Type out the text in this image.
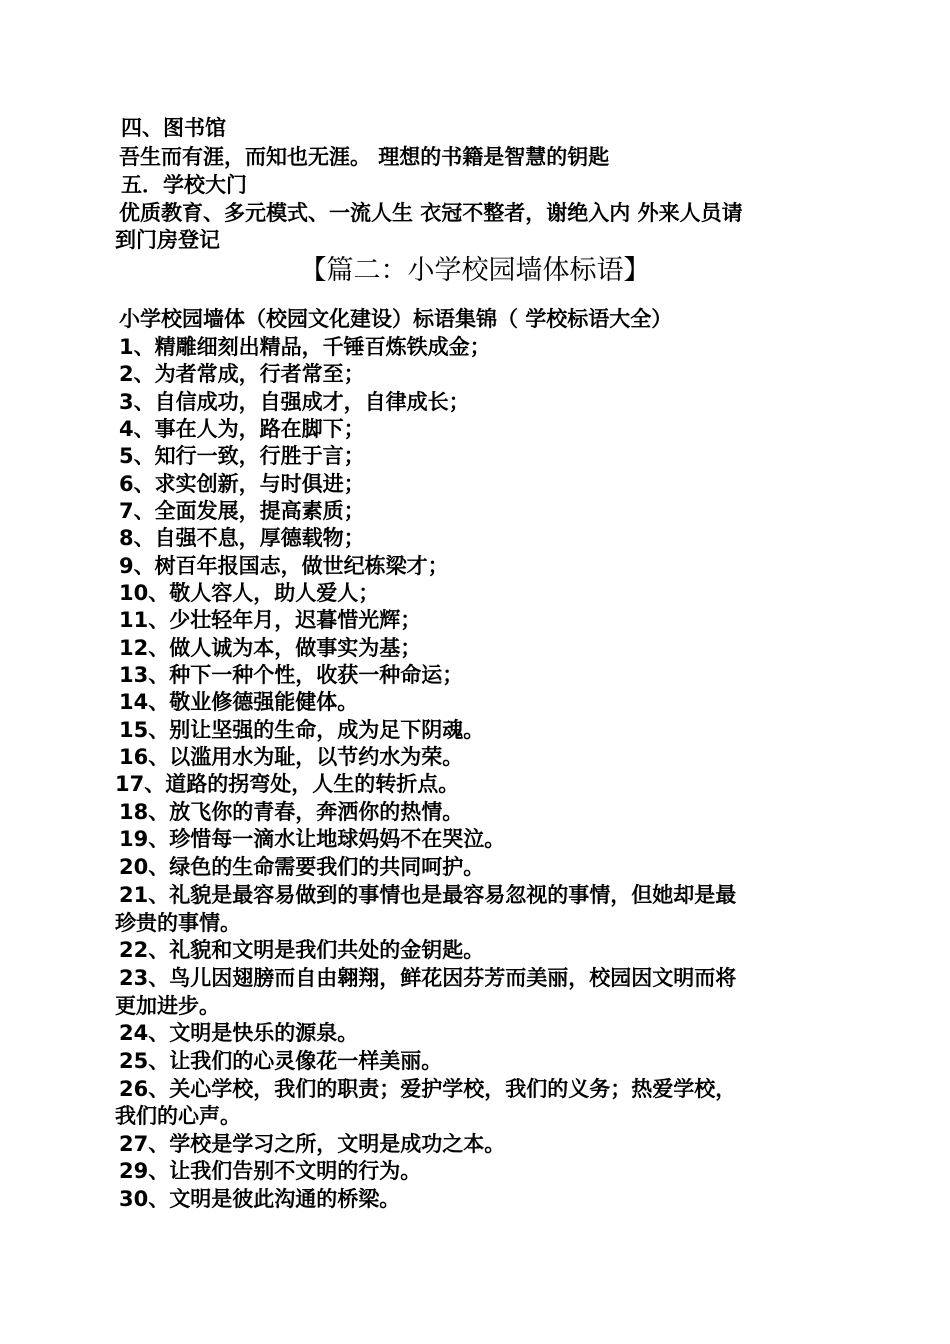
四、图书馆
吾生而有涯，而知也无涯。 理想的书籍是智慧的钥匙
五．学校大门
优质教育、多元模式、一流人生 衣冠不整者，谢绝入内 外来人员请
到门房登记
【篇二：小学校园墙体标语】
小学校园墙体（校园文化建设）标语集锦（ 学校标语大全）
1、精雕细刻出精品，千锤百炼铁成金；
2、为者常成，行者常至；
3、自信成功，自强成才，自律成长；
4、事在人为，路在脚下；
5、知行一致，行胜于言；
6、求实创新，与时俱进；
7、全面发展，提高素质；
8、自强不息，厚德载物；
9、树百年报国志，做世纪栋梁才；
10、敬人容人，助人爱人；
11、少壮轻年月，迟暮惜光辉；
12、做人诚为本，做事实为基；
13、种下一种个性，收获一种命运；
14、敬业修德强能健体。
15、别让坚强的生命，成为足下阴魂。
16、以滥用水为耻，以节约水为荣。
17、道路的拐弯处，人生的转折点。
18、放飞你的青春，奔洒你的热情。
19、珍惜每一滴水让地球妈妈不在哭泣。
20、绿色的生命需要我们的共同呵护。
21、礼貌是最容易做到的事情也是最容易忽视的事情，但她却是最
珍贵的事情。
22、礼貌和文明是我们共处的金钥匙。
23、鸟儿因翅膀而自由翱翔，鲜花因芬芳而美丽，校园因文明而将
更加进步。
24、文明是快乐的源泉。
25、让我们的心灵像花一样美丽。
26、关心学校，我们的职责；爱护学校，我们的义务；热爱学校，
我们的心声。
27、学校是学习之所，文明是成功之本。
29、让我们告别不文明的行为。
30、文明是彼此沟通的桥梁。
